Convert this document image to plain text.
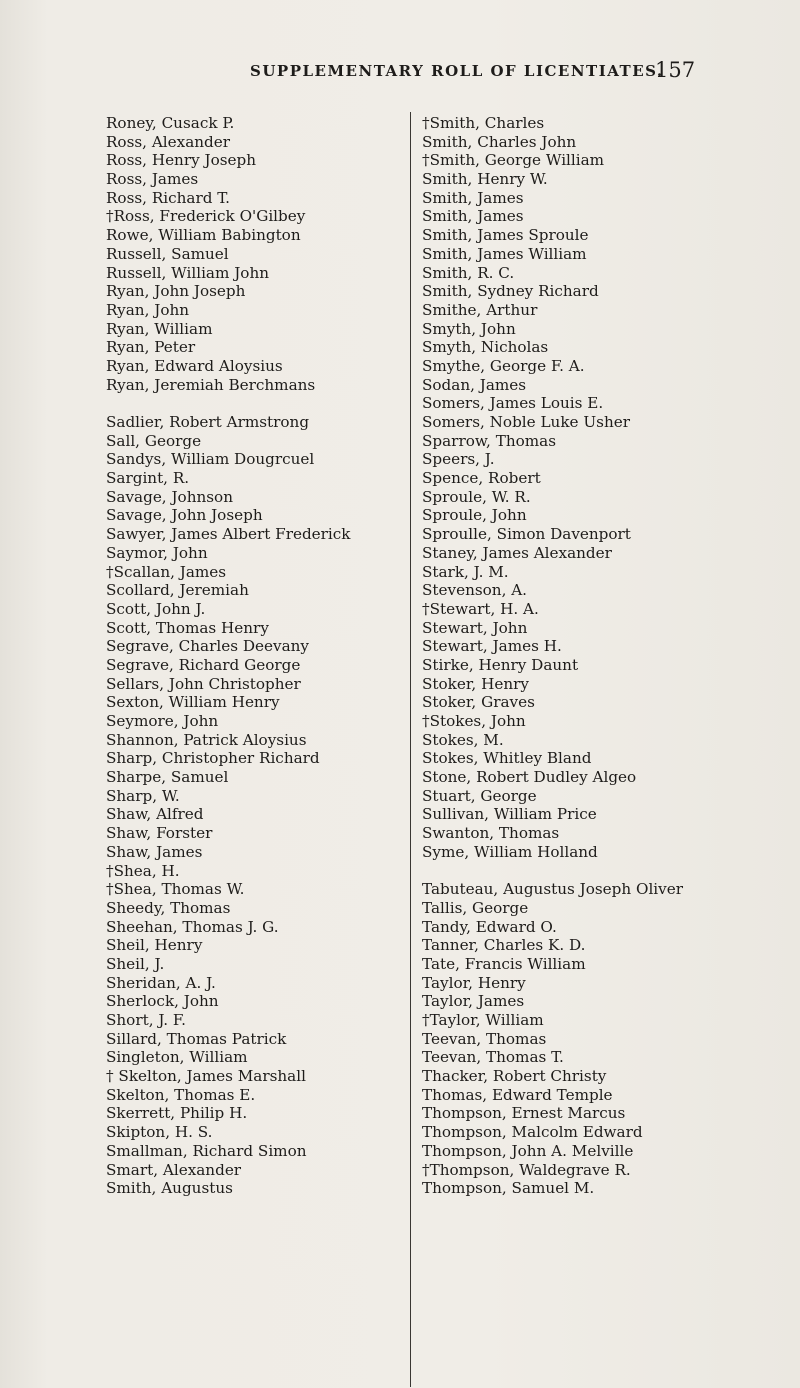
SUPPLEMENTARY ROLL OF LICENTIATES.
157
Roney, Cusack P.
Ross, Alexander
Ross, Henry Joseph
Ross, James
Ross, Richard T.
†Ross, Frederick O'Gilbey
Rowe, William Babington
Russell, Samuel
Russell, William John
Ryan, John Joseph
Ryan, John
Ryan, William
Ryan, Peter
Ryan, Edward Aloysius
Ryan, Jeremiah Berchmans
Sadlier, Robert Armstrong
Sall, George
Sandys, William Dougrcuel
Sargint, R.
Savage, Johnson
Savage, John Joseph
Sawyer, James Albert Frederick
Saymor, John
†Scallan, James
Scollard, Jeremiah
Scott, John J.
Scott, Thomas Henry
Segrave, Charles Deevany
Segrave, Richard George
Sellars, John Christopher
Sexton, William Henry
Seymore, John
Shannon, Patrick Aloysius
Sharp, Christopher Richard
Sharpe, Samuel
Sharp, W.
Shaw, Alfred
Shaw, Forster
Shaw, James
†Shea, H.
†Shea, Thomas W.
Sheedy, Thomas
Sheehan, Thomas J. G.
Sheil, Henry
Sheil, J.
Sheridan, A. J.
Sherlock, John
Short, J. F.
Sillard, Thomas Patrick
Singleton, William
† Skelton, James Marshall
Skelton, Thomas E.
Skerrett, Philip H.
Skipton, H. S.
Smallman, Richard Simon
Smart, Alexander
Smith, Augustus
†Smith, Charles
Smith, Charles John
†Smith, George William
Smith, Henry W.
Smith, James
Smith, James
Smith, James Sproule
Smith, James William
Smith, R. C.
Smith, Sydney Richard
Smithe, Arthur
Smyth, John
Smyth, Nicholas
Smythe, George F. A.
Sodan, James
Somers, James Louis E.
Somers, Noble Luke Usher
Sparrow, Thomas
Speers, J.
Spence, Robert
Sproule, W. R.
Sproule, John
Sproulle, Simon Davenport
Staney, James Alexander
Stark, J. M.
Stevenson, A.
†Stewart, H. A.
Stewart, John
Stewart, James H.
Stirke, Henry Daunt
Stoker, Henry
Stoker, Graves
†Stokes, John
Stokes, M.
Stokes, Whitley Bland
Stone, Robert Dudley Algeo
Stuart, George
Sullivan, William Price
Swanton, Thomas
Syme, William Holland
Tabuteau, Augustus Joseph Oliver
Tallis, George
Tandy, Edward O.
Tanner, Charles K. D.
Tate, Francis William
Taylor, Henry
Taylor, James
†Taylor, William
Teevan, Thomas
Teevan, Thomas T.
Thacker, Robert Christy
Thomas, Edward Temple
Thompson, Ernest Marcus
Thompson, Malcolm Edward
Thompson, John A. Melville
†Thompson, Waldegrave R.
Thompson, Samuel M.
